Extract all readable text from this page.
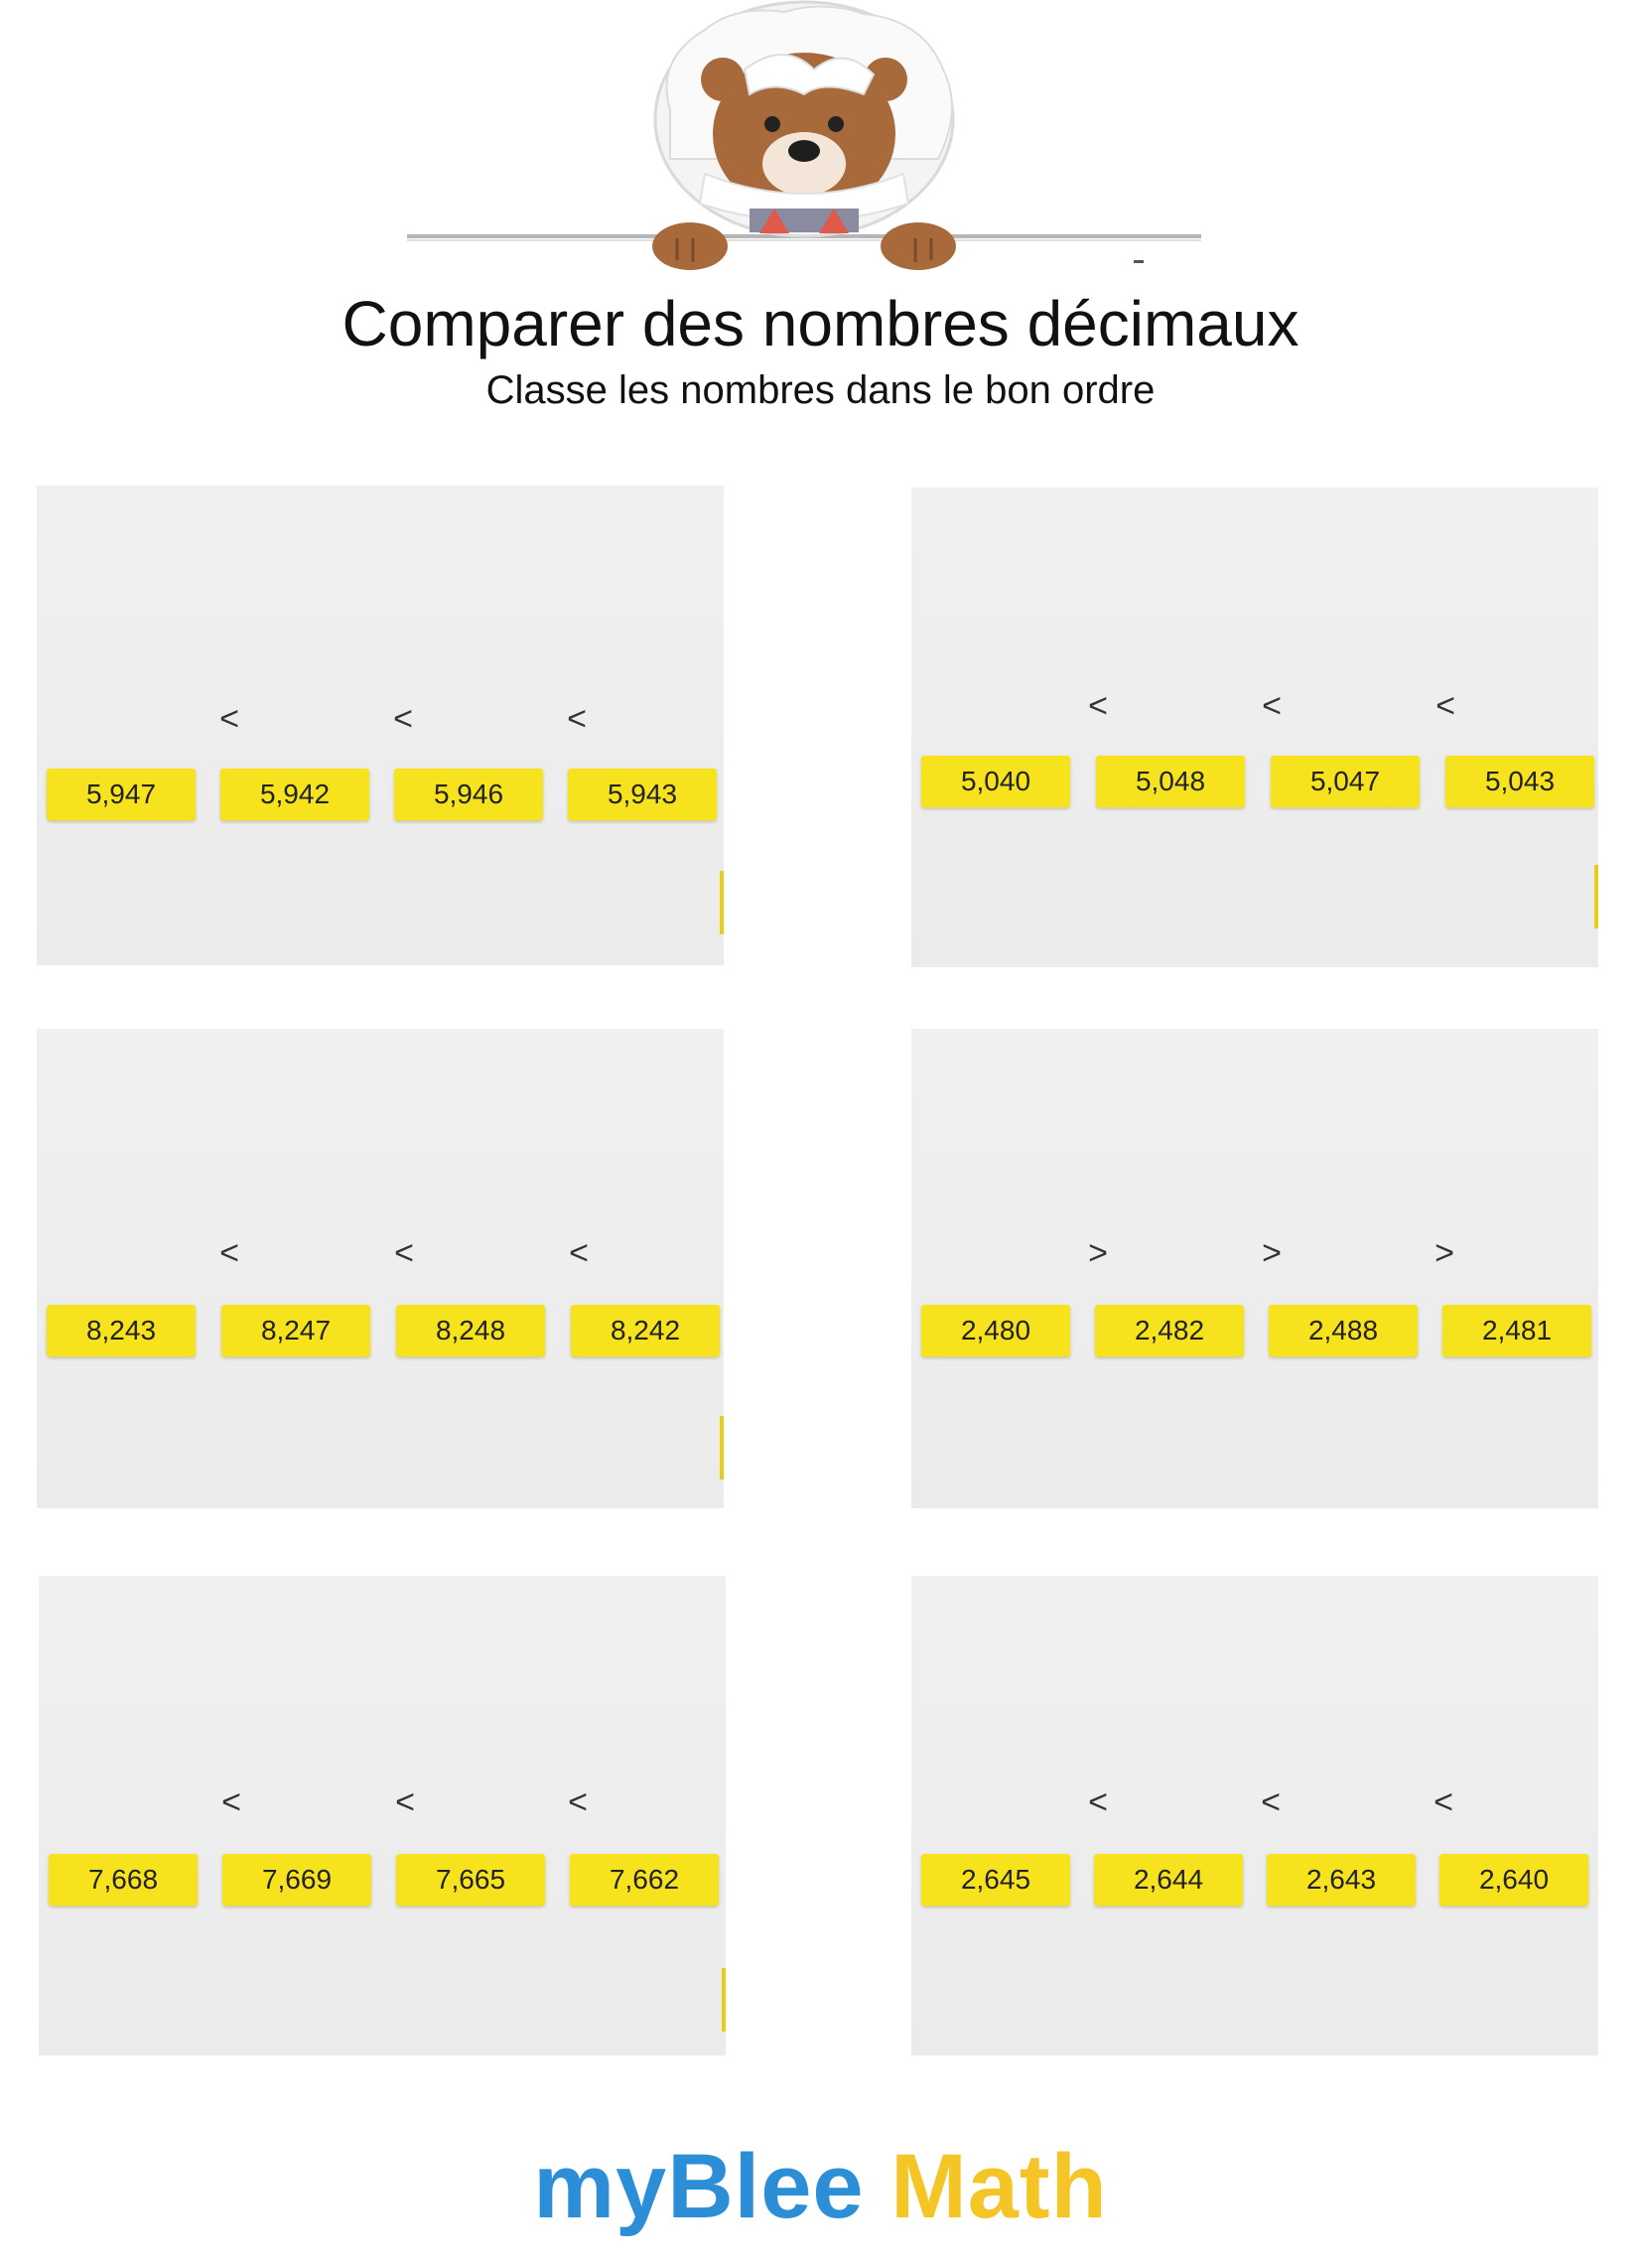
Comparer des nombres décimaux
Classe les nombres dans le bon ordre
<	<	<
5,947	5,942	5,946	5,943
<	<	<
5,040	5,048	5,047	5,043
<	<	<
8,243	8,247	8,248	8,242
>	>	>
2,480	2,482	2,488	2,481
<	<	<
7,668	7,669	7,665	7,662
<	<	<
2,645	2,644	2,643	2,640
myBlee Math
